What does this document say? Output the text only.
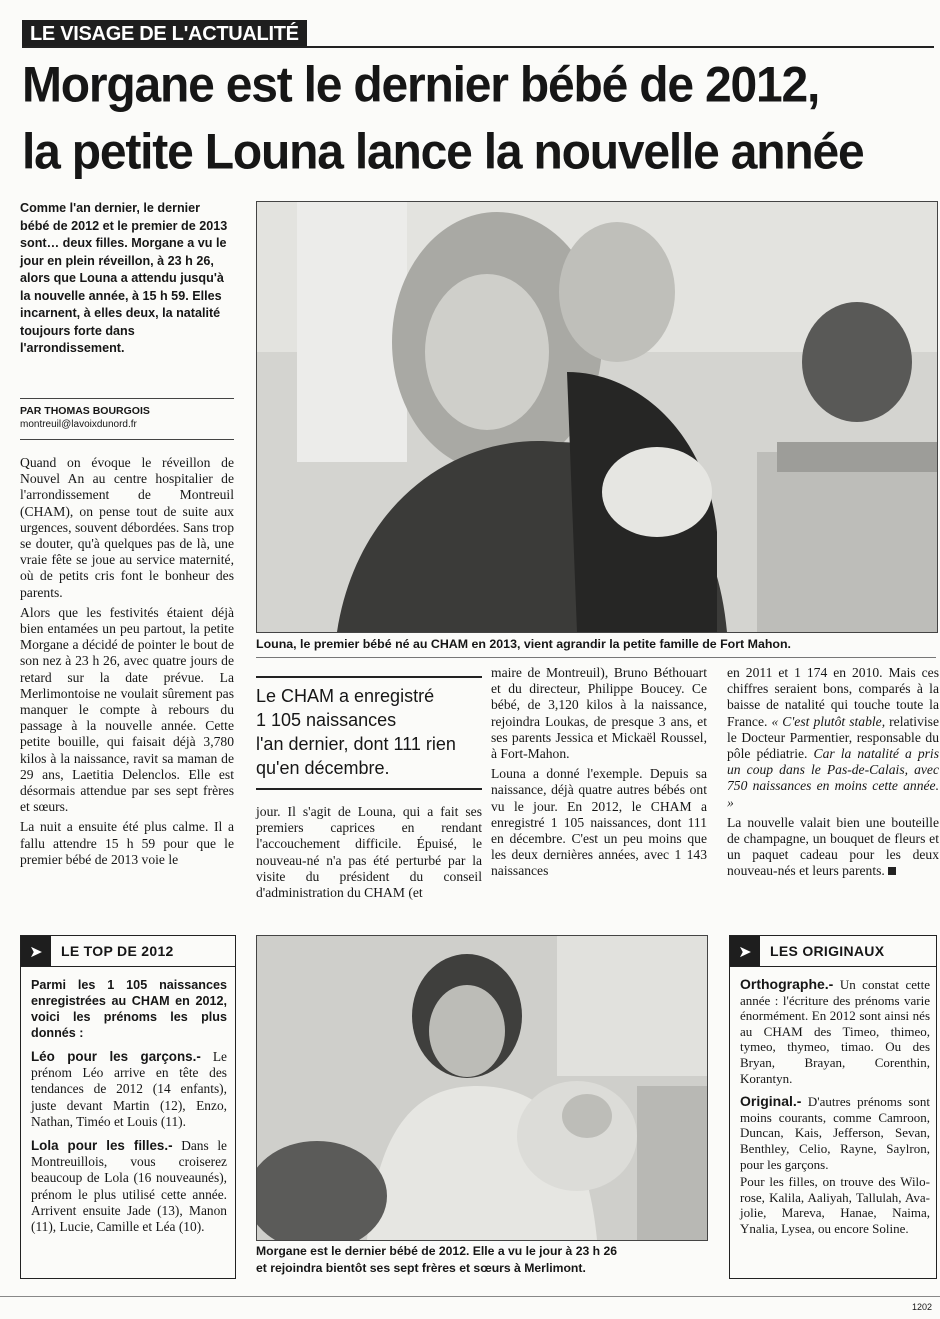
LE VISAGE DE L'ACTUALITÉ
Morgane est le dernier bébé de 2012,
la petite Louna lance la nouvelle année
Comme l'an dernier, le dernier bébé de 2012 et le premier de 2013 sont… deux filles. Morgane a vu le jour en plein réveillon, à 23 h 26, alors que Louna a attendu jusqu'à la nouvelle année, à 15 h 59. Elles incarnent, à elles deux, la natalité toujours forte dans l'arrondissement.
PAR THOMAS BOURGOIS
montreuil@lavoixdunord.fr

Quand on évoque le réveillon de Nouvel An au centre hospitalier de l'arrondissement de Montreuil (CHAM), on pense tout de suite aux urgences, souvent débordées. Sans trop se douter, qu'à quelques pas de là, une vraie fête se joue au service maternité, où de petits cris font le bonheur des parents.

Alors que les festivités étaient déjà bien entamées un peu partout, la petite Morgane a décidé de pointer le bout de son nez à 23 h 26, avec quatre jours de retard sur la date prévue. La Merlimontoise ne voulait sûrement pas manquer le compte à rebours du passage à la nouvelle année. Cette petite bouille, qui faisait déjà 3,780 kilos à la naissance, ravit sa maman de 29 ans, Laetitia Delenclos. Elle est désormais attendue par ses sept frères et sœurs.

La nuit a ensuite été plus calme. Il a fallu attendre 15 h 59 pour que le premier bébé de 2013 voie le

Louna, le premier bébé né au CHAM en 2013, vient agrandir la petite famille de Fort Mahon.
Le CHAM a enregistré
1 105 naissances
l'an dernier, dont 111 rien
qu'en décembre.

jour. Il s'agit de Louna, qui a fait ses premiers caprices en rendant l'accouchement difficile. Épuisé, le nouveau-né n'a pas été perturbé par la visite du président du conseil d'administration du CHAM (et

maire de Montreuil), Bruno Béthouart et du directeur, Philippe Boucey. Ce bébé, de 3,120 kilos à la naissance, rejoindra Loukas, de presque 3 ans, et ses parents Jessica et Mickaël Roussel, à Fort-Mahon.

Louna a donné l'exemple. Depuis sa naissance, déjà quatre autres bébés ont vu le jour. En 2012, le CHAM a enregistré 1 105 naissances, dont 111 en décembre. C'est un peu moins que les deux dernières années, avec 1 143 naissances

en 2011 et 1 174 en 2010. Mais ces chiffres seraient bons, comparés à la baisse de natalité qui touche toute la France. « C'est plutôt stable, relativise le Docteur Parmentier, responsable du pôle pédiatrie. Car la natalité a pris un coup dans le Pas-de-Calais, avec 750 naissances en moins cette année. »

La nouvelle valait bien une bouteille de champagne, un bouquet de fleurs et un paquet cadeau pour les deux nouveau-nés et leurs parents.

➤	LE TOP DE 2012

Parmi les 1 105 naissances enregistrées au CHAM en 2012, voici les prénoms les plus donnés :

Léo pour les garçons.- Le prénom Léo arrive en tête des tendances de 2012 (14 enfants), juste devant Martin (12), Enzo, Nathan, Timéo et Louis (11).

Lola pour les filles.- Dans le Montreuillois, vous croiserez beaucoup de Lola (16 nouveaunés), prénom le plus utilisé cette année. Arrivent ensuite Jade (13), Manon (11), Lucie, Camille et Léa (10).

Morgane est le dernier bébé de 2012. Elle a vu le jour à 23 h 26
et rejoindra bientôt ses sept frères et sœurs à Merlimont.
➤	LES ORIGINAUX

Orthographe.- Un constat cette année : l'écriture des prénoms varie énormément. En 2012 sont ainsi nés au CHAM des Timeo, thimeo, tymeo, thymeo, timao. Ou des Bryan, Brayan, Corenthin, Korantyn.

Original.- D'autres prénoms sont moins courants, comme Camroon, Duncan, Kais, Jefferson, Sevan, Benthley, Celio, Rayne, Saylron, pour les garçons.

Pour les filles, on trouve des Wilo-rose, Kalila, Aaliyah, Tallulah, Ava-jolie, Mareva, Hanae, Naima, Ynalia, Lysea, ou encore Soline.

1202
